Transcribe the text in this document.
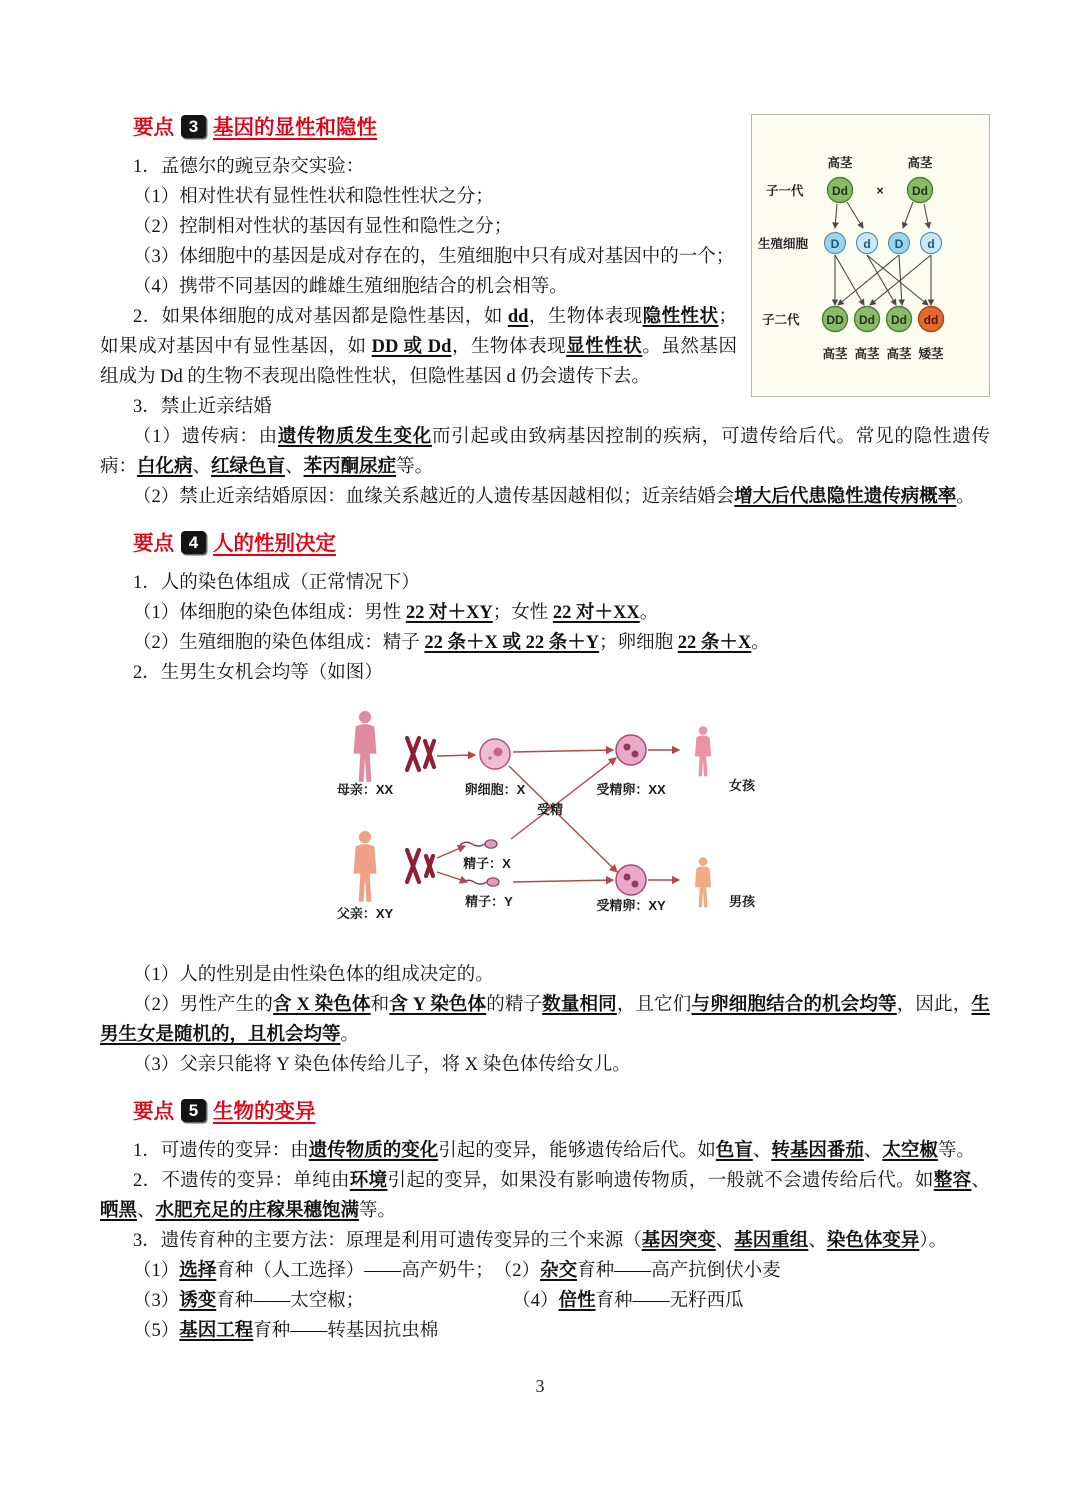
高茎	高茎
子一代 Dd × Dd
生殖细胞 D d D d
子二代 DD Dd Dd dd
高茎 高茎 高茎 矮茎
要点 3 基因的显性和隐性
1．孟德尔的豌豆杂交实验：
（1）相对性状有显性性状和隐性性状之分；
（2）控制相对性状的基因有显性和隐性之分；
（3）体细胞中的基因是成对存在的，生殖细胞中只有成对基因中的一个；
（4）携带不同基因的雌雄生殖细胞结合的机会相等。
2．如果体细胞的成对基因都是隐性基因，如 dd，生物体表现隐性性状；如果成对基因中有显性基因，如 DD 或 Dd，生物体表现显性性状。虽然基因组成为 Dd 的生物不表现出隐性性状，但隐性基因 d 仍会遗传下去。
3．禁止近亲结婚
（1）遗传病：由遗传物质发生变化而引起或由致病基因控制的疾病，可遗传给后代。常见的隐性遗传病：白化病、红绿色盲、苯丙酮尿症等。
（2）禁止近亲结婚原因：血缘关系越近的人遗传基因越相似；近亲结婚会增大后代患隐性遗传病概率。
要点 4 人的性别决定
1．人的染色体组成（正常情况下）
（1）体细胞的染色体组成：男性 22 对＋XY；女性 22 对＋XX。
（2）生殖细胞的染色体组成：精子 22 条＋X 或 22 条＋Y；卵细胞 22 条＋X。
2．生男生女机会均等（如图）
母亲：XX	卵细胞：X	受精卵：XX	女孩
受精
精子：X
精子：Y
父亲：XY
受精卵：XY	男孩
（1）人的性别是由性染色体的组成决定的。
（2）男性产生的含 X 染色体和含 Y 染色体的精子数量相同，且它们与卵细胞结合的机会均等，因此，生男生女是随机的，且机会均等。
（3）父亲只能将 Y 染色体传给儿子，将 X 染色体传给女儿。
要点 5 生物的变异
1．可遗传的变异：由遗传物质的变化引起的变异，能够遗传给后代。如色盲、转基因番茄、太空椒等。
2．不遗传的变异：单纯由环境引起的变异，如果没有影响遗传物质，一般就不会遗传给后代。如整容、晒黑、水肥充足的庄稼果穗饱满等。
3．遗传育种的主要方法：原理是利用可遗传变异的三个来源（基因突变、基因重组、染色体变异）。
（1）选择育种（人工选择）——高产奶牛；　（2）杂交育种——高产抗倒伏小麦
（3）诱变育种——太空椒；　　　　　　　　　（4）倍性育种——无籽西瓜
（5）基因工程育种——转基因抗虫棉
3
